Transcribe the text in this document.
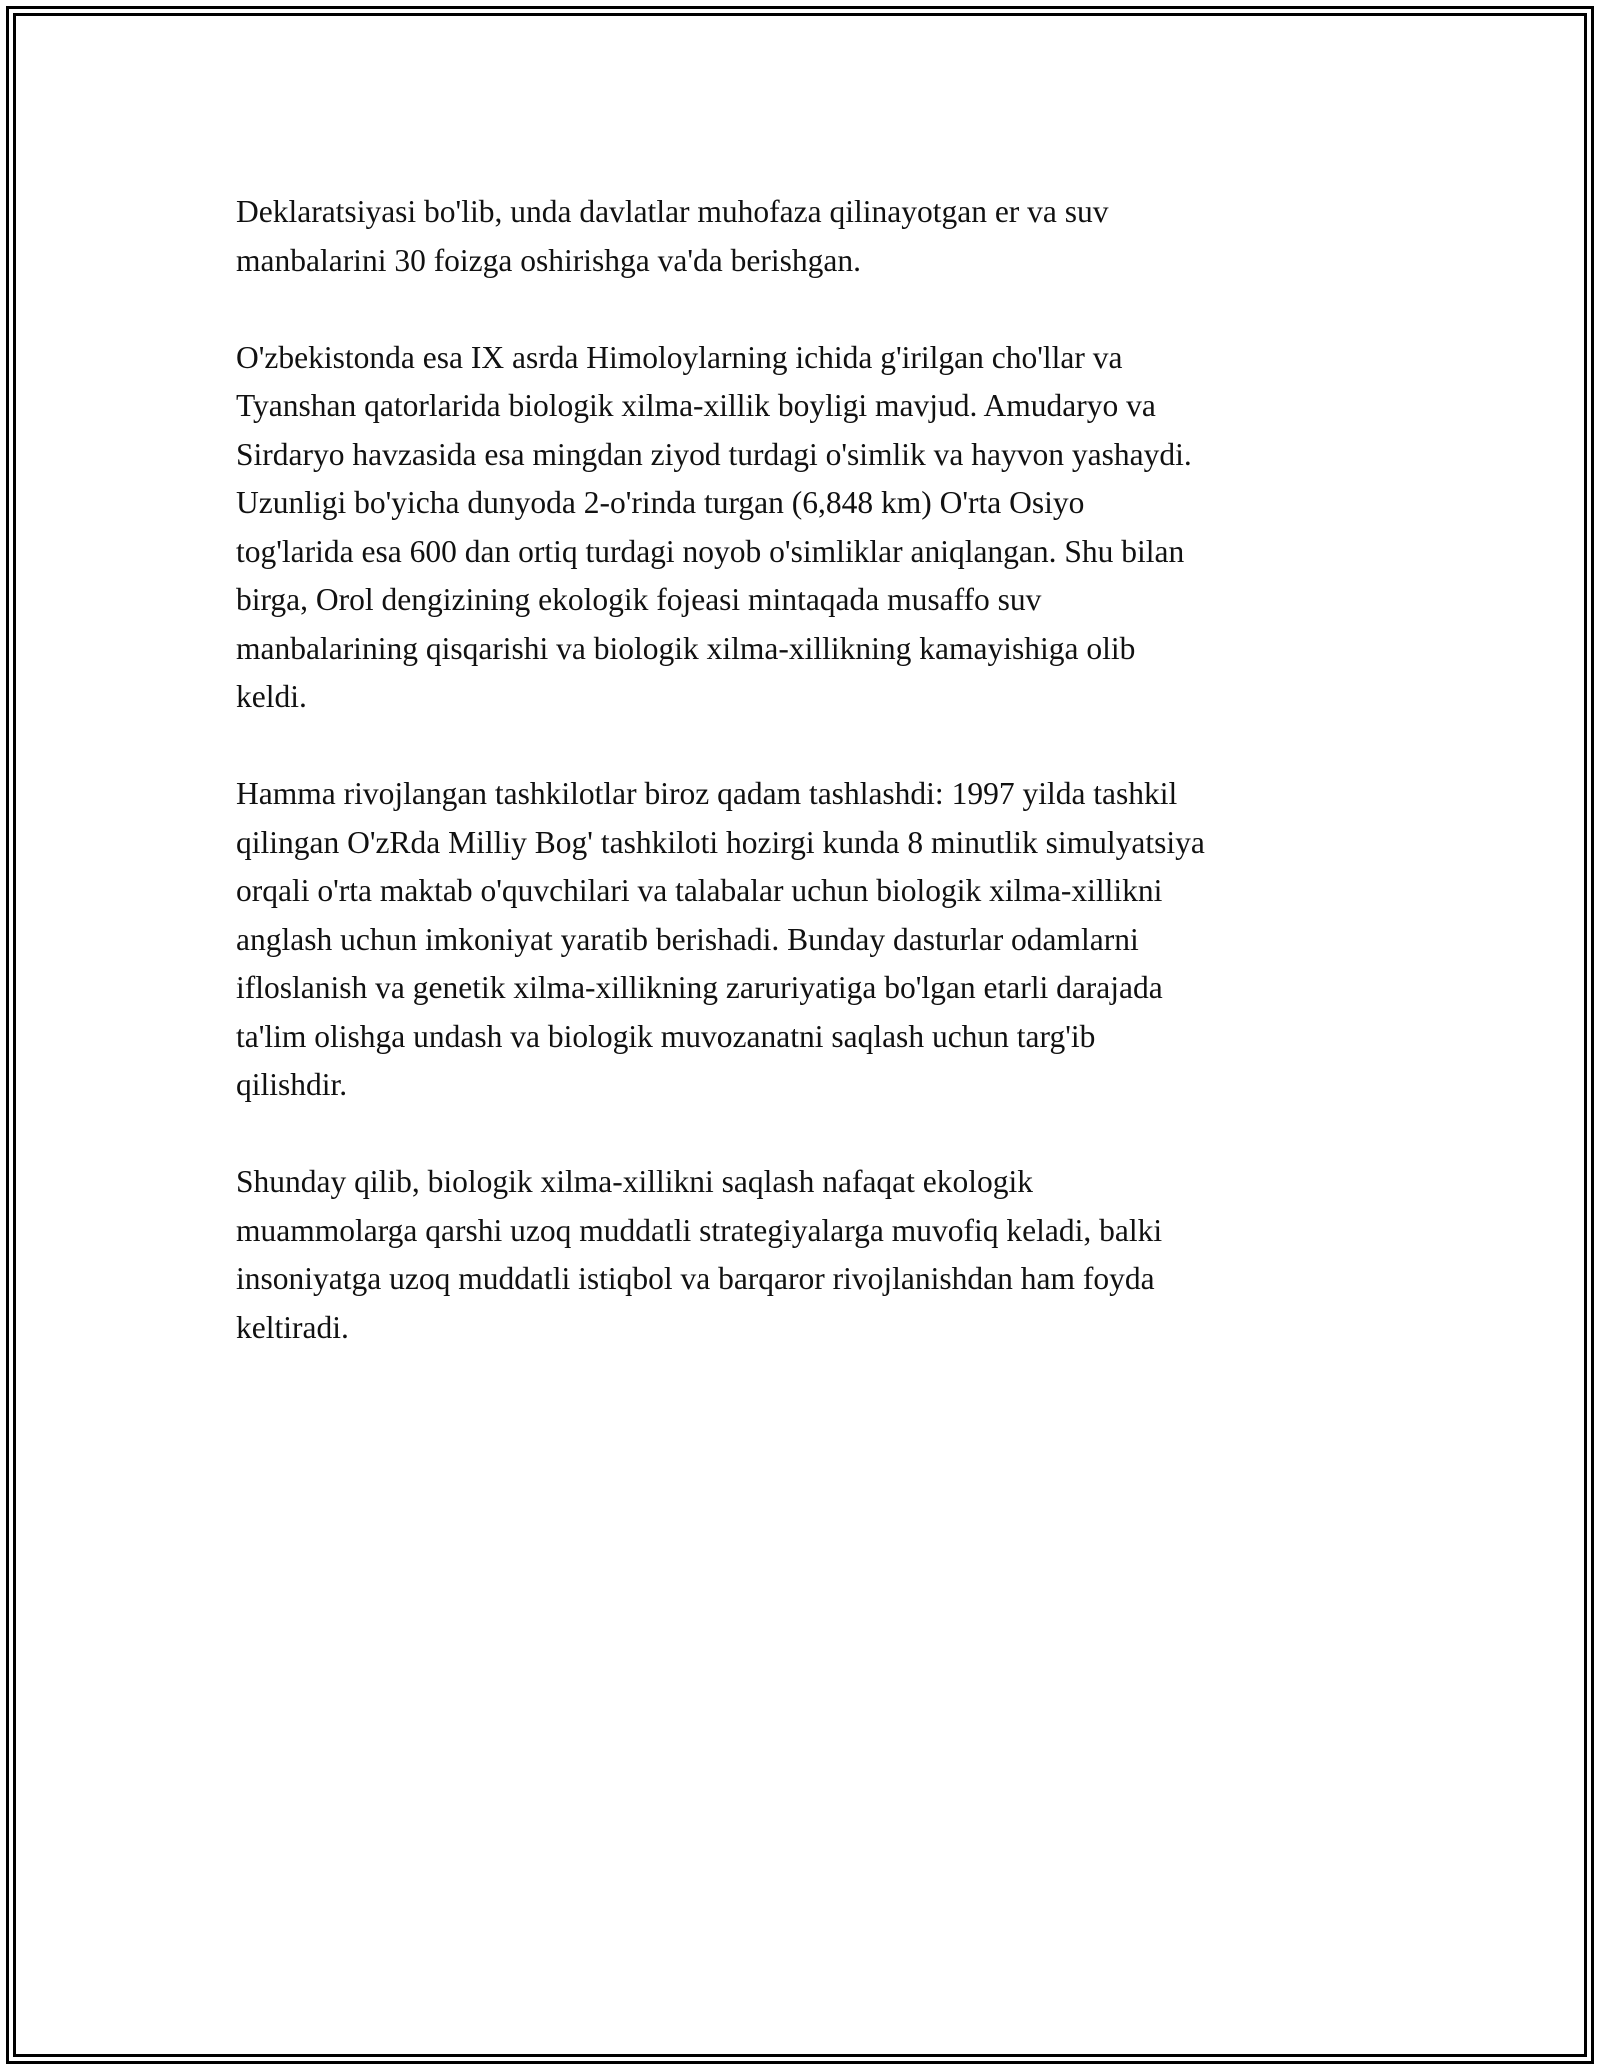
Deklaratsiyasi bo'lib, unda davlatlar muhofaza qilinayotgan er va suv
manbalarini 30 foizga oshirishga va'da berishgan.

O'zbekistonda esa IX asrda Himoloylarning ichida g'irilgan cho'llar va
Tyanshan qatorlarida biologik xilma-xillik boyligi mavjud. Amudaryo va
Sirdaryo havzasida esa mingdan ziyod turdagi o'simlik va hayvon yashaydi.
Uzunligi bo'yicha dunyoda 2-o'rinda turgan (6,848 km) O'rta Osiyo
tog'larida esa 600 dan ortiq turdagi noyob o'simliklar aniqlangan. Shu bilan
birga, Orol dengizining ekologik fojeasi mintaqada musaffo suv
manbalarining qisqarishi va biologik xilma-xillikning kamayishiga olib
keldi.

Hamma rivojlangan tashkilotlar biroz qadam tashlashdi: 1997 yilda tashkil
qilingan O'zRda Milliy Bog' tashkiloti hozirgi kunda 8 minutlik simulyatsiya
orqali o'rta maktab o'quvchilari va talabalar uchun biologik xilma-xillikni
anglash uchun imkoniyat yaratib berishadi. Bunday dasturlar odamlarni
ifloslanish va genetik xilma-xillikning zaruriyatiga bo'lgan etarli darajada
ta'lim olishga undash va biologik muvozanatni saqlash uchun targ'ib
qilishdir.

Shunday qilib, biologik xilma-xillikni saqlash nafaqat ekologik
muammolarga qarshi uzoq muddatli strategiyalarga muvofiq keladi, balki
insoniyatga uzoq muddatli istiqbol va barqaror rivojlanishdan ham foyda
keltiradi.
